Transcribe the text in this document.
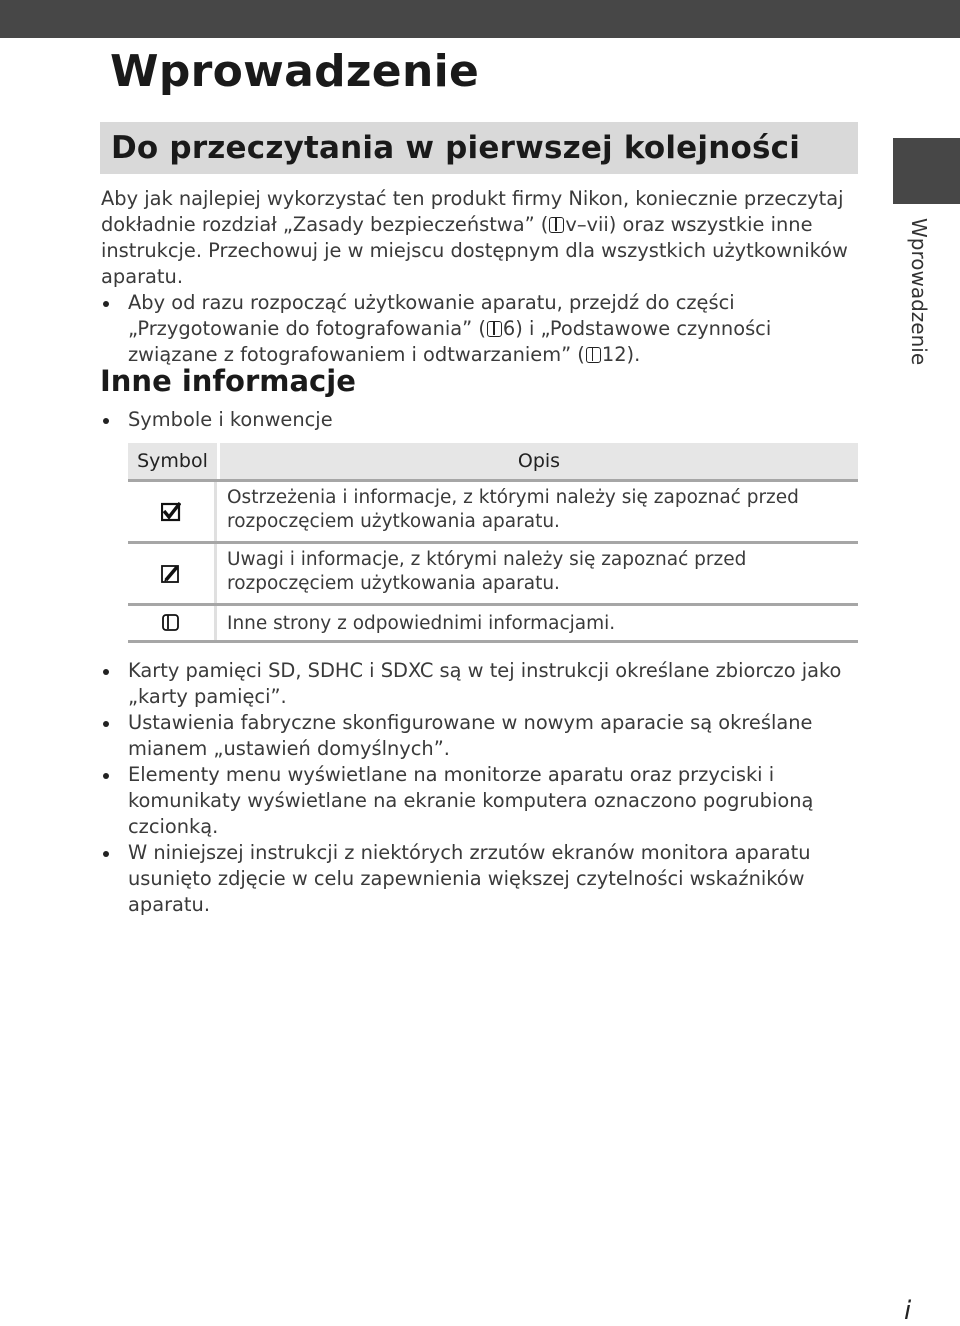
Wprowadzenie
Do przeczytania w pierwszej kolejności
Wprowadzenie

Aby jak najlepiej wykorzystać ten produkt firmy Nikon, koniecznie przeczytaj dokładnie rozdział „Zasady bezpieczeństwa” ( v–vii) oraz wszystkie inne instrukcje. Przechowuj je w miejscu dostępnym dla wszystkich użytkowników aparatu.

Aby od razu rozpocząć użytkowanie aparatu, przejdź do części „Przygotowanie do fotografowania” ( 6) i „Podstawowe czynności związane z fotografowaniem i odtwarzaniem” ( 12).

Inne informacje
Symbole i konwencje
Symbol	Opis
Ostrzeżenia i informacje, z którymi należy się zapoznać przed rozpoczęciem użytkowania aparatu.
Uwagi i informacje, z którymi należy się zapoznać przed rozpoczęciem użytkowania aparatu.
Inne strony z odpowiednimi informacjami.

Karty pamięci SD, SDHC i SDXC są w tej instrukcji określane zbiorczo jako „karty pamięci”.

Ustawienia fabryczne skonfigurowane w nowym aparacie są określane mianem „ustawień domyślnych”.

Elementy menu wyświetlane na monitorze aparatu oraz przyciski i komunikaty wyświetlane na ekranie komputera oznaczono pogrubioną czcionką.

W niniejszej instrukcji z niektórych zrzutów ekranów monitora aparatu usunięto zdjęcie w celu zapewnienia większej czytelności wskaźników aparatu.

i
